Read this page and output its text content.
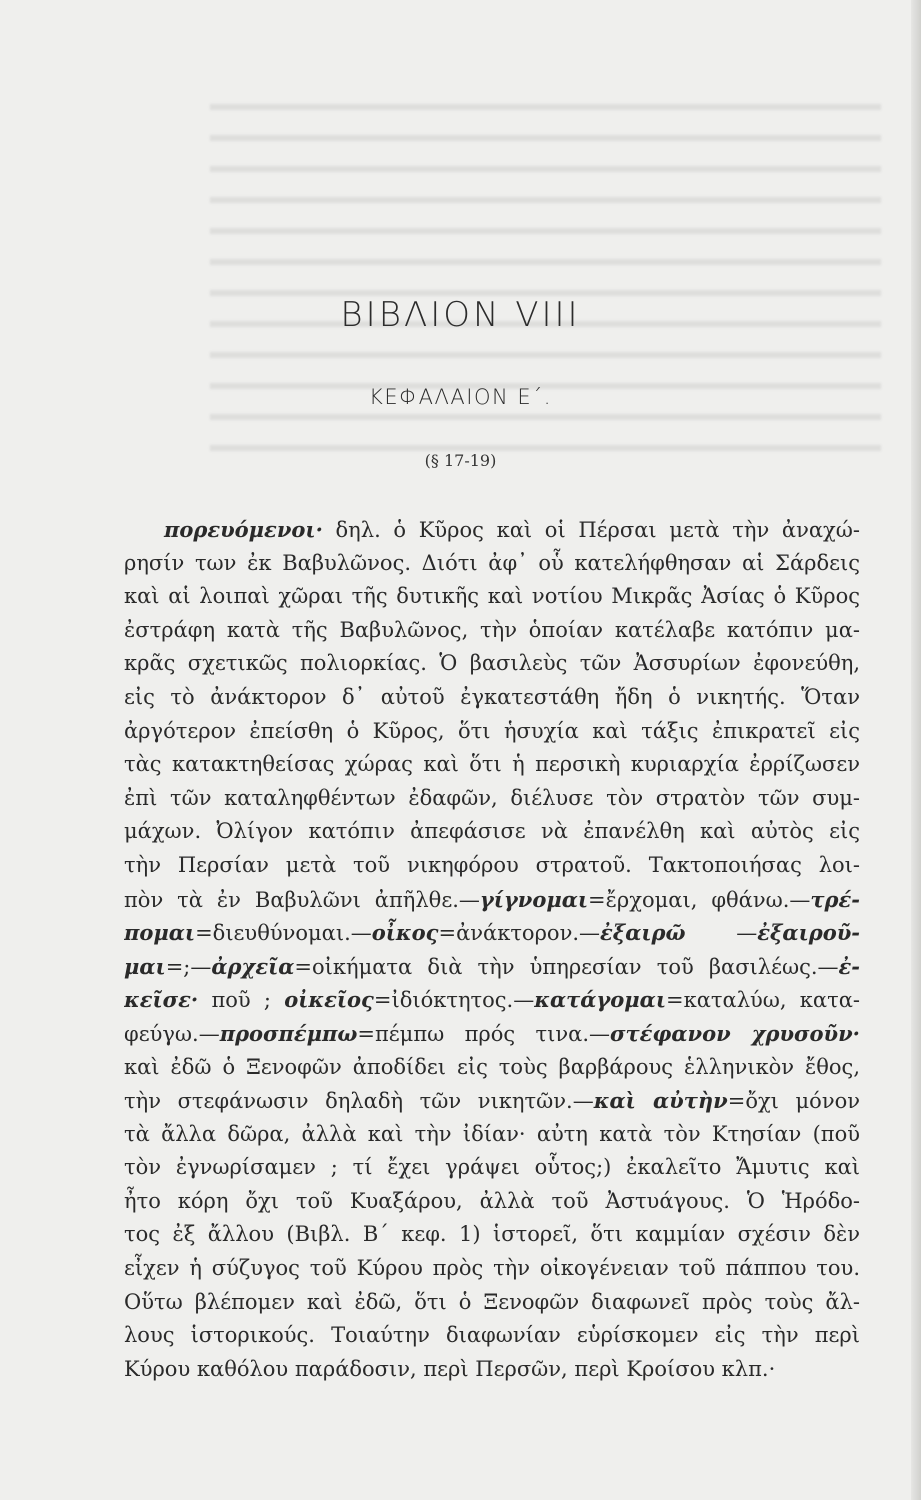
ΒΙΒΛΙΟΝ VIII
ΚΕΦΑΛΑΙΟΝ Ε΄.
(§ 17-19)
πορευόμενοι· δηλ. ὁ Κῦρος καὶ οἱ Πέρσαι μετὰ τὴν ἀναχώ-
ρησίν των ἐκ Βαβυλῶνος. Διότι ἀφ᾽ οὗ κατελήφθησαν αἱ Σάρδεις
καὶ αἱ λοιπαὶ χῶραι τῆς δυτικῆς καὶ νοτίου Μικρᾶς Ἀσίας ὁ Κῦρος
ἐστράφη κατὰ τῆς Βαβυλῶνος, τὴν ὁποίαν κατέλαβε κατόπιν μα-
κρᾶς σχετικῶς πολιορκίας. Ὁ βασιλεὺς τῶν Ἀσσυρίων ἐφονεύθη,
εἰς τὸ ἀνάκτορον δ᾽ αὐτοῦ ἐγκατεστάθη ἤδη ὁ νικητής. Ὅταν
ἀργότερον ἐπείσθη ὁ Κῦρος, ὅτι ἡσυχία καὶ τάξις ἐπικρατεῖ εἰς
τὰς κατακτηθείσας χώρας καὶ ὅτι ἡ περσικὴ κυριαρχία ἐρρίζωσεν
ἐπὶ τῶν καταληφθέντων ἐδαφῶν, διέλυσε τὸν στρατὸν τῶν συμ-
μάχων. Ὀλίγον κατόπιν ἀπεφάσισε νὰ ἐπανέλθη καὶ αὐτὸς εἰς
τὴν Περσίαν μετὰ τοῦ νικηφόρου στρατοῦ. Τακτοποιήσας λοι-
πὸν τὰ ἐν Βαβυλῶνι ἀπῆλθε.—γίγνομαι=ἔρχομαι, φθάνω.—τρέ-
πομαι=διευθύνομαι.—οἶκος=ἀνάκτορον.—ἐξαιρῶ —ἐξαιροῦ-
μαι=;—ἀρχεῖα=οἰκήματα διὰ τὴν ὑπηρεσίαν τοῦ βασιλέως.—ἐ-
κεῖσε· ποῦ ; οἰκεῖος=ἰδιόκτητος.—κατάγομαι=καταλύω, κατα-
φεύγω.—προσπέμπω=πέμπω πρός τινα.—στέφανον χρυσοῦν·
καὶ ἐδῶ ὁ Ξενοφῶν ἀποδίδει εἰς τοὺς βαρβάρους ἑλληνικὸν ἔθος,
τὴν στεφάνωσιν δηλαδὴ τῶν νικητῶν.—καὶ αὐτὴν=ὄχι μόνον
τὰ ἄλλα δῶρα, ἀλλὰ καὶ τὴν ἰδίαν· αὐτη κατὰ τὸν Κτησίαν (ποῦ
τὸν ἐγνωρίσαμεν ; τί ἔχει γράψει οὗτος;) ἐκαλεῖτο Ἄμυτις καὶ
ἦτο κόρη ὄχι τοῦ Κυαξάρου, ἀλλὰ τοῦ Ἀστυάγους. Ὁ Ἡρόδο-
τος ἐξ ἄλλου (Βιβλ. Β΄ κεφ. 1) ἱστορεῖ, ὅτι καμμίαν σχέσιν δὲν
εἶχεν ἡ σύζυγος τοῦ Κύρου πρὸς τὴν οἰκογένειαν τοῦ πάππου του.
Οὕτω βλέπομεν καὶ ἐδῶ, ὅτι ὁ Ξενοφῶν διαφωνεῖ πρὸς τοὺς ἄλ-
λους ἱστορικούς. Τοιαύτην διαφωνίαν εὑρίσκομεν εἰς τὴν περὶ
Κύρου καθόλου παράδοσιν, περὶ Περσῶν, περὶ Κροίσου κλπ.·
